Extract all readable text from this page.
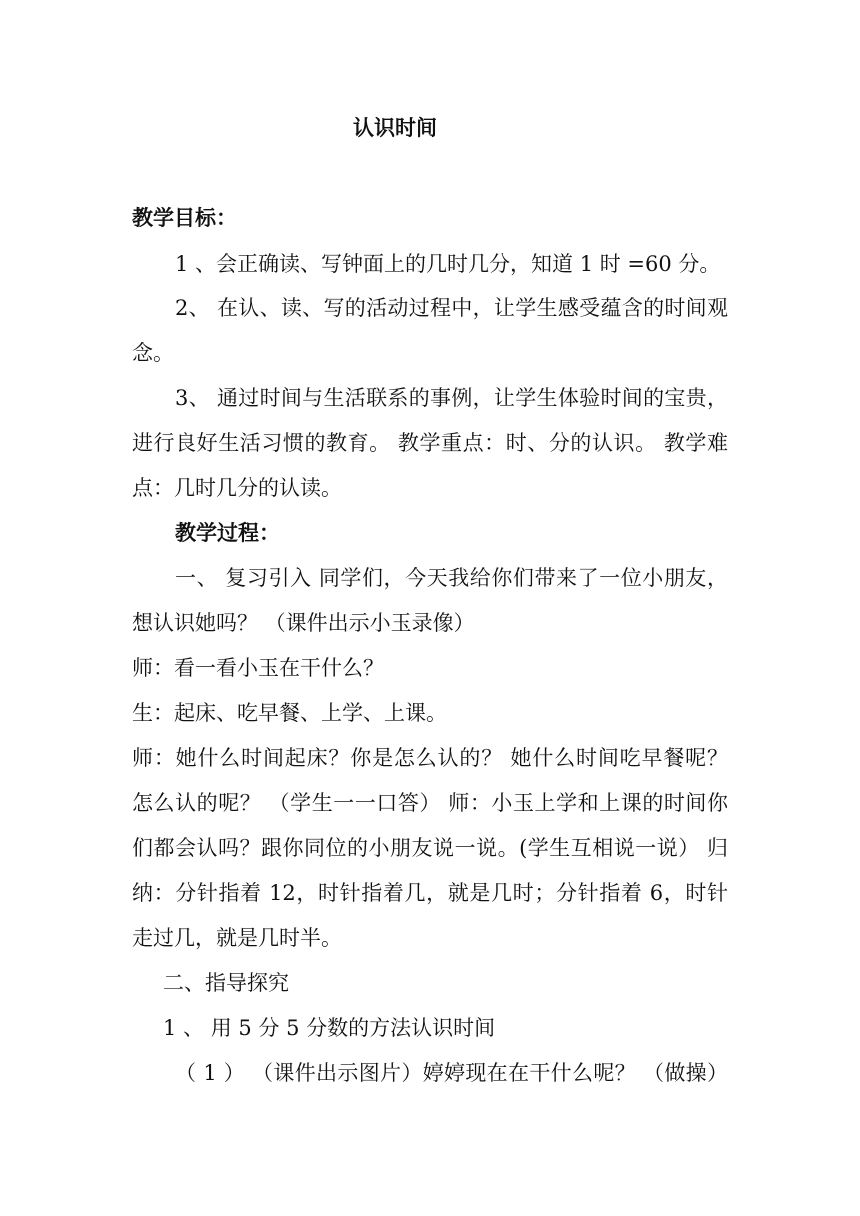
认识时间
教学目标：
1 、会正确读、写钟面上的几时几分，知道 1 时 =60 分。
2、 在认、读、写的活动过程中，让学生感受蕴含的时间观
念。
3、 通过时间与生活联系的事例，让学生体验时间的宝贵，
进行良好生活习惯的教育。 教学重点：时、分的认识。 教学难
点：几时几分的认读。
教学过程：
一、 复习引入 同学们，今天我给你们带来了一位小朋友，
想认识她吗？ （课件出示小玉录像）
师：看一看小玉在干什么？
生：起床、吃早餐、上学、上课。
师：她什么时间起床？你是怎么认的？ 她什么时间吃早餐呢？
怎么认的呢？ （学生一一口答） 师：小玉上学和上课的时间你
们都会认吗？跟你同位的小朋友说一说。(学生互相说一说） 归
纳：分针指着 12，时针指着几，就是几时；分针指着 6，时针
走过几，就是几时半。
二、指导探究
1 、 用 5 分 5 分数的方法认识时间
（ 1 ） （课件出示图片）婷婷现在在干什么呢？ （做操）
